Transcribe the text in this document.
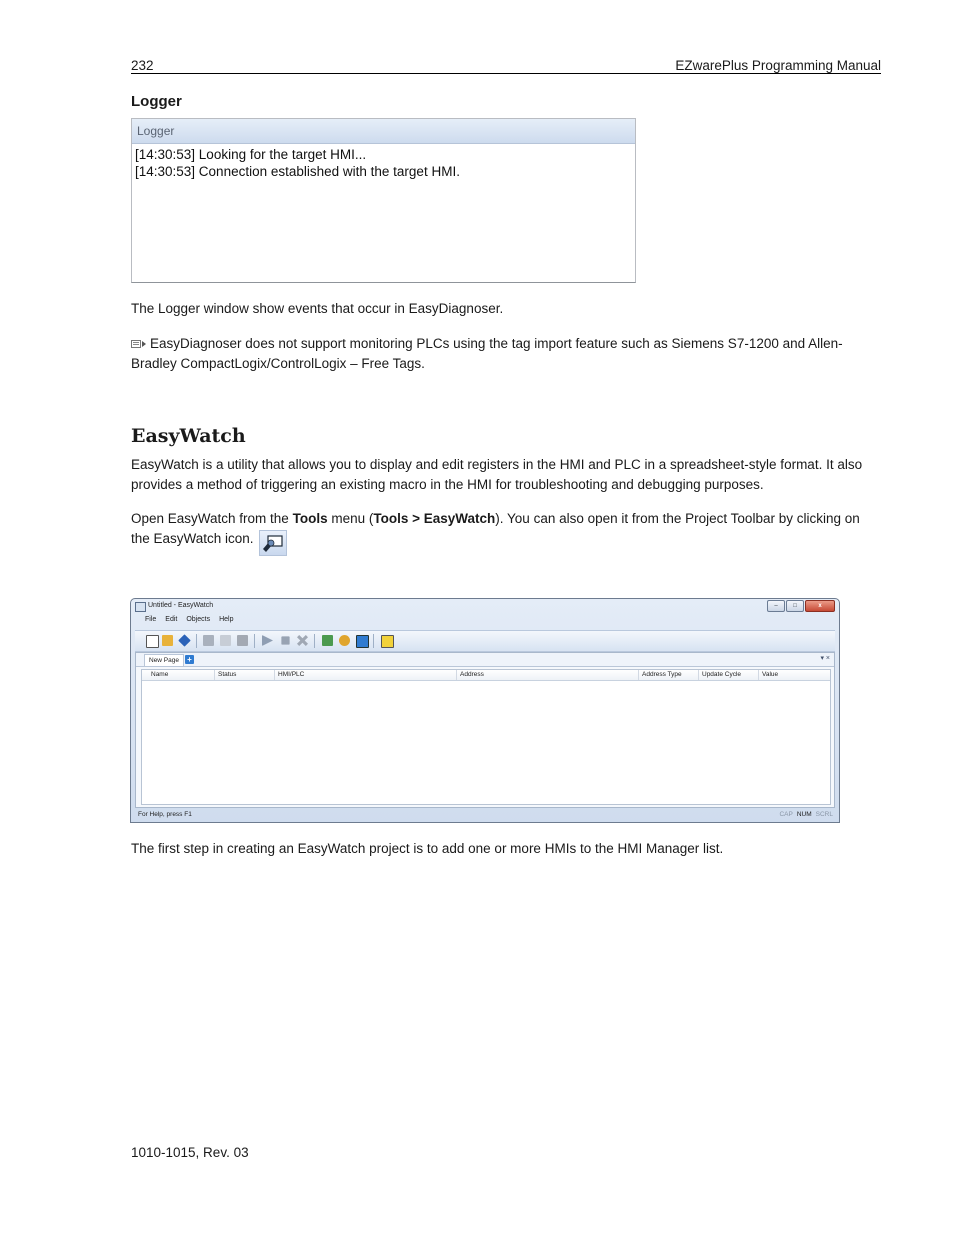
232	EZwarePlus Programming Manual
Logger
Logger
[14:30:53] Looking for the target HMI...
[14:30:53] Connection established with the target HMI.
The Logger window show events that occur in EasyDiagnoser.
EasyDiagnoser does not support monitoring PLCs using the tag import feature such as Siemens S7-1200 and Allen-Bradley CompactLogix/ControlLogix – Free Tags.
EasyWatch
EasyWatch is a utility that allows you to display and edit registers in the HMI and PLC in a spreadsheet-style format. It also provides a method of triggering an existing macro in the HMI for troubleshooting and debugging purposes.
Open EasyWatch from the Tools menu (Tools > EasyWatch). You can also open it from the Project Toolbar by clicking on the EasyWatch icon.
Untitled - EasyWatch	–	□	x
File Edit Objects Help
New Page	+	▾ ×
Name	Status	HMI/PLC	Address	Address Type	Update Cycle	Value
For Help, press F1	CAP NUM SCRL
The first step in creating an EasyWatch project is to add one or more HMIs to the HMI Manager list.
1010-1015, Rev. 03
